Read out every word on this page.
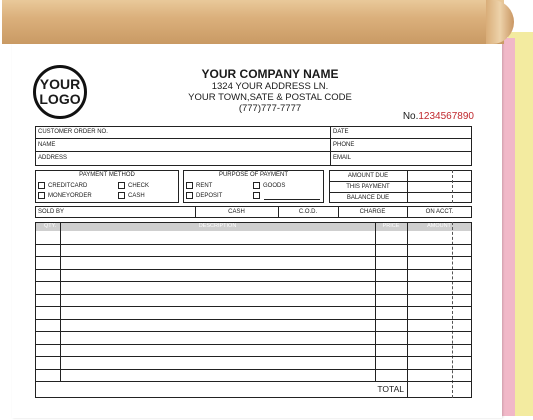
YOUR
LOGO
YOUR COMPANY NAME
1324 YOUR ADDRESS LN.
YOUR TOWN,SATE & POSTAL CODE
(777)777-7777
No.1234567890
CUSTOMER ORDER NO.	DATE
NAME	PHONE
ADDRESS	EMAIL
PAYMENT METHOD
CREDITCARD	CHECK
MONEYORDER	CASH
PURPOSE OF PAYMENT
RENT	GOODS
DEPOSIT
AMOUNT DUE
THIS PAYMENT
BALANCE DUE
SOLD BY	CASH	C.O.D.	CHARGE	ON ACCT.
QTY.	DESCRIPTION	PRICE	AMOUNT
TOTAL
